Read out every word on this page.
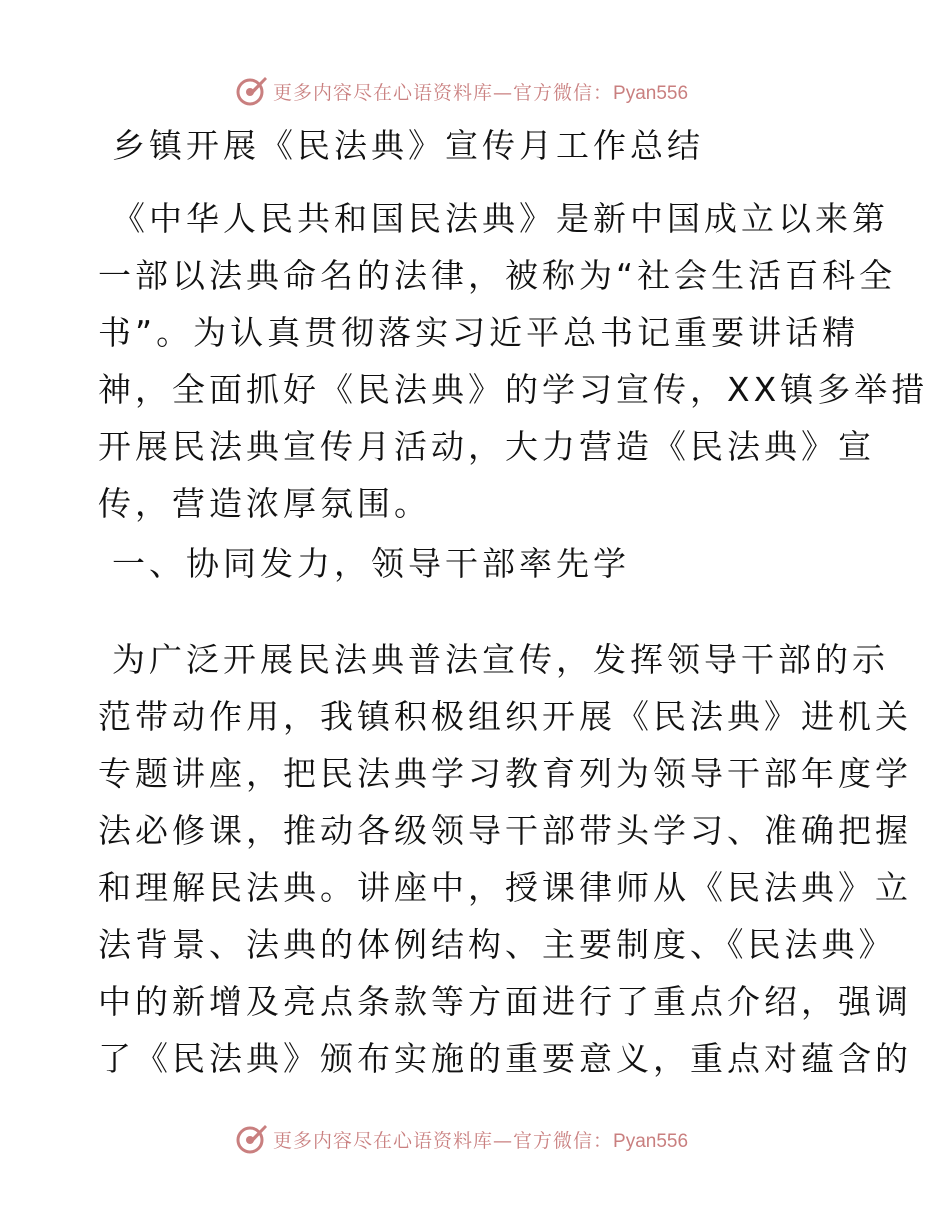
更多内容尽在心语资料库—官方微信：Pyan556
乡镇开展《民法典》宣传月工作总结
《中华人民共和国民法典》是新中国成立以来第
一部以法典命名的法律，被称为“社会生活百科全
书”。为认真贯彻落实习近平总书记重要讲话精
神，全面抓好《民法典》的学习宣传，XX镇多举措
开展民法典宣传月活动，大力营造《民法典》宣
传，营造浓厚氛围。
一、协同发力，领导干部率先学
为广泛开展民法典普法宣传，发挥领导干部的示
范带动作用，我镇积极组织开展《民法典》进机关
专题讲座，把民法典学习教育列为领导干部年度学
法必修课，推动各级领导干部带头学习、准确把握
和理解民法典。讲座中，授课律师从《民法典》立
法背景、法典的体例结构、主要制度、《民法典》
中的新增及亮点条款等方面进行了重点介绍，强调
了《民法典》颁布实施的重要意义，重点对蕴含的
更多内容尽在心语资料库—官方微信：Pyan556
